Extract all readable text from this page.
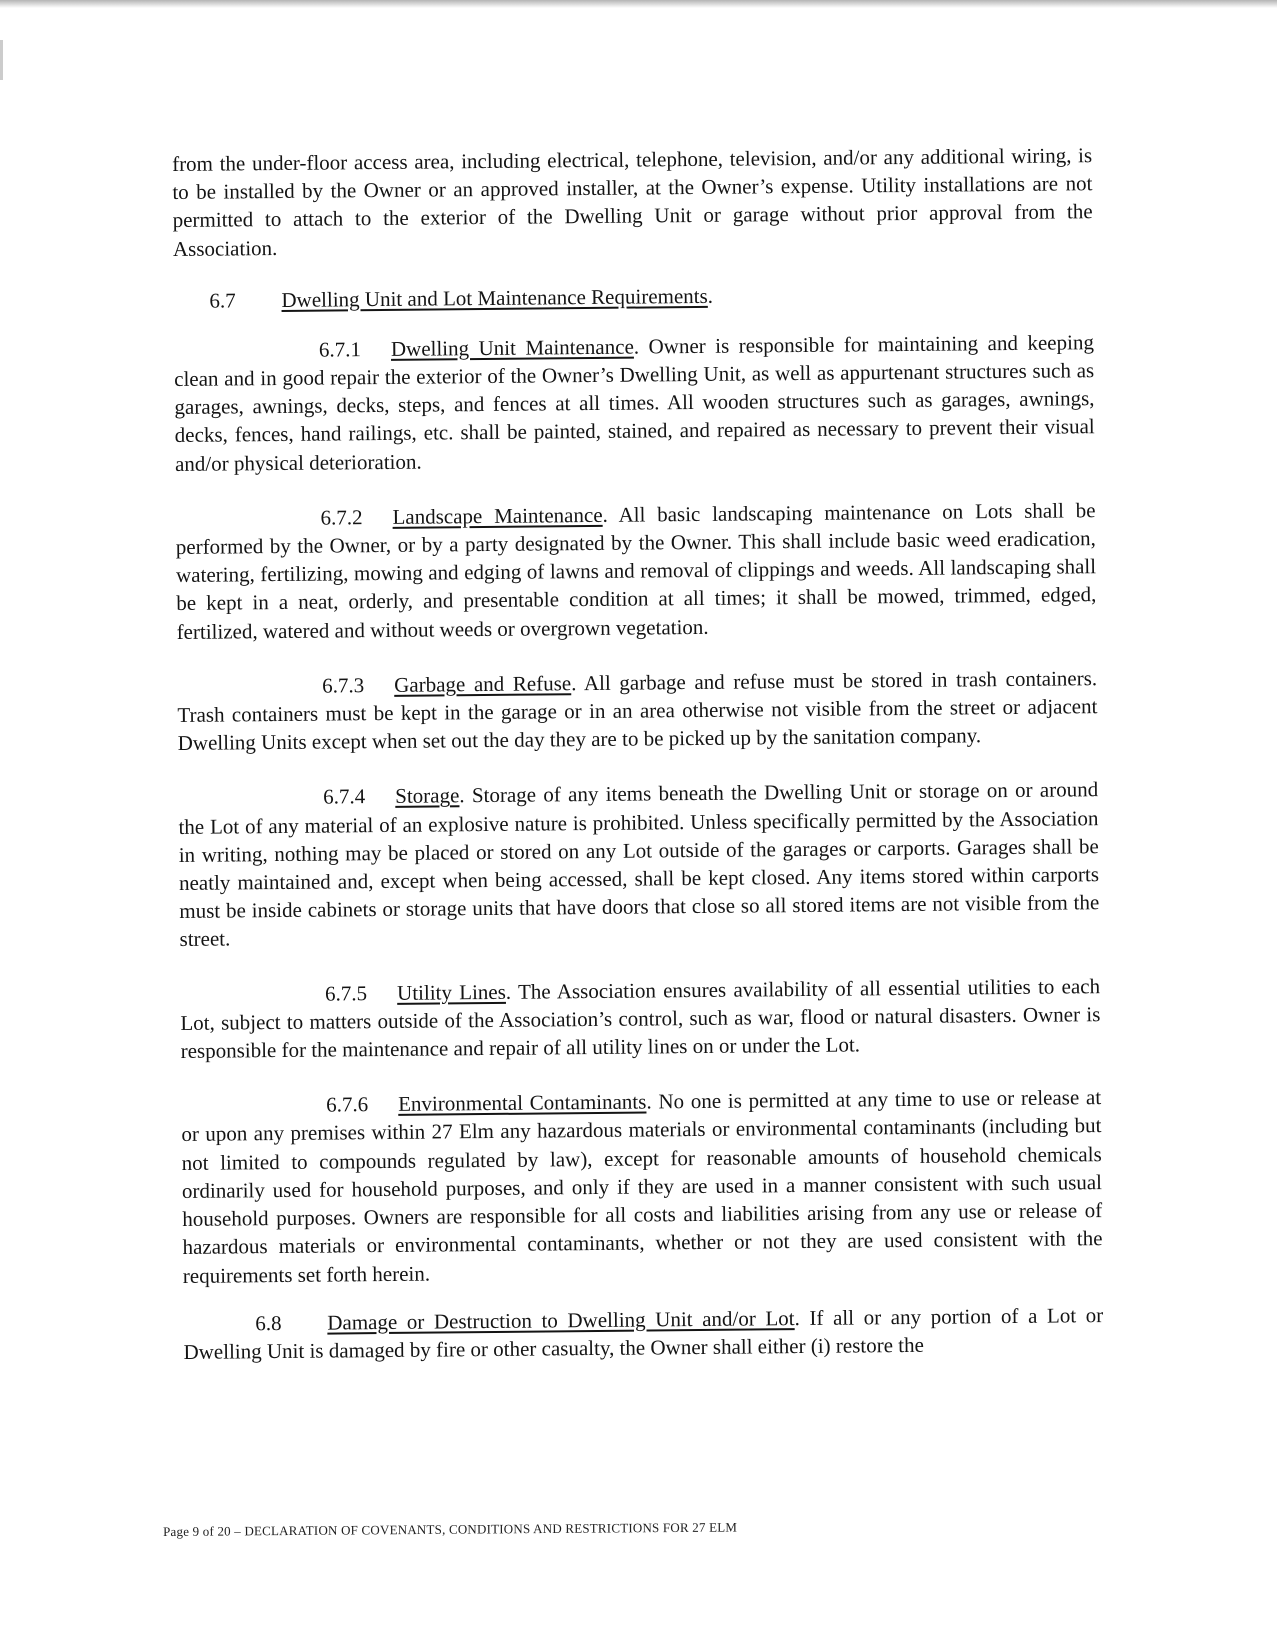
from the under-floor access area, including electrical, telephone, television, and/or any additional wiring, is to be installed by the Owner or an approved installer, at the Owner’s expense. Utility installations are not permitted to attach to the exterior of the Dwelling Unit or garage without prior approval from the Association.

6.7 Dwelling Unit and Lot Maintenance Requirements.

6.7.1 Dwelling Unit Maintenance. Owner is responsible for maintaining and keeping clean and in good repair the exterior of the Owner’s Dwelling Unit, as well as appurtenant structures such as garages, awnings, decks, steps, and fences at all times. All wooden structures such as garages, awnings, decks, fences, hand railings, etc. shall be painted, stained, and repaired as necessary to prevent their visual and/or physical deterioration.

6.7.2 Landscape Maintenance. All basic landscaping maintenance on Lots shall be performed by the Owner, or by a party designated by the Owner. This shall include basic weed eradication, watering, fertilizing, mowing and edging of lawns and removal of clippings and weeds. All landscaping shall be kept in a neat, orderly, and presentable condition at all times; it shall be mowed, trimmed, edged, fertilized, watered and without weeds or overgrown vegetation.

6.7.3 Garbage and Refuse. All garbage and refuse must be stored in trash containers. Trash containers must be kept in the garage or in an area otherwise not visible from the street or adjacent Dwelling Units except when set out the day they are to be picked up by the sanitation company.

6.7.4 Storage. Storage of any items beneath the Dwelling Unit or storage on or around the Lot of any material of an explosive nature is prohibited. Unless specifically permitted by the Association in writing, nothing may be placed or stored on any Lot outside of the garages or carports. Garages shall be neatly maintained and, except when being accessed, shall be kept closed. Any items stored within carports must be inside cabinets or storage units that have doors that close so all stored items are not visible from the street.

6.7.5 Utility Lines. The Association ensures availability of all essential utilities to each Lot, subject to matters outside of the Association’s control, such as war, flood or natural disasters. Owner is responsible for the maintenance and repair of all utility lines on or under the Lot.

6.7.6 Environmental Contaminants. No one is permitted at any time to use or release at or upon any premises within 27 Elm any hazardous materials or environmental contaminants (including but not limited to compounds regulated by law), except for reasonable amounts of household chemicals ordinarily used for household purposes, and only if they are used in a manner consistent with such usual household purposes. Owners are responsible for all costs and liabilities arising from any use or release of hazardous materials or environmental contaminants, whether or not they are used consistent with the requirements set forth herein.

6.8 Damage or Destruction to Dwelling Unit and/or Lot. If all or any portion of a Lot or Dwelling Unit is damaged by fire or other casualty, the Owner shall either (i) restore the

Page 9 of 20 – DECLARATION OF COVENANTS, CONDITIONS AND RESTRICTIONS FOR 27 ELM
